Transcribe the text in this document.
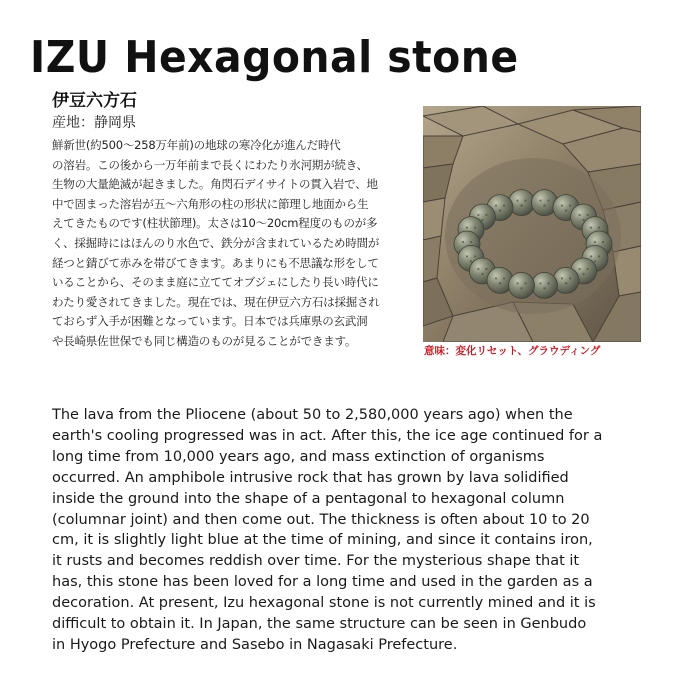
IZU Hexagonal stone
伊豆六方石
産地：静岡県

鮮新世(約500～258万年前)の地球の寒冷化が進んだ時代
の溶岩。この後から一万年前まで長くにわたり氷河期が続き、
生物の大量絶滅が起きました。角閃石デイサイトの貫入岩で、地
中で固まった溶岩が五～六角形の柱の形状に節理し地面から生
えてきたものです(柱状節理)。太さは10～20cm程度のものが多
く、採掘時にはほんのり水色で、鉄分が含まれているため時間が
経つと錆びて赤みを帯びてきます。あまりにも不思議な形をして
いることから、そのまま庭に立ててオブジェにしたり長い時代に
わたり愛されてきました。現在では、現在伊豆六方石は採掘され
ておらず入手が困難となっています。日本では兵庫県の玄武洞
や長崎県佐世保でも同じ構造のものが見ることができます。

意味：変化リセット、グラウディング

The lava from the Pliocene (about 50 to 2,580,000 years ago) when the
earth's cooling progressed was in act. After this, the ice age continued for a
long time from 10,000 years ago, and mass extinction of organisms
occurred. An amphibole intrusive rock that has grown by lava solidified
inside the ground into the shape of a pentagonal to hexagonal column
(columnar joint) and then come out. The thickness is often about 10 to 20
cm, it is slightly light blue at the time of mining, and since it contains iron,
it rusts and becomes reddish over time. For the mysterious shape that it
has, this stone has been loved for a long time and used in the garden as a
decoration. At present, Izu hexagonal stone is not currently mined and it is
difficult to obtain it. In Japan, the same structure can be seen in Genbudo
in Hyogo Prefecture and Sasebo in Nagasaki Prefecture.
